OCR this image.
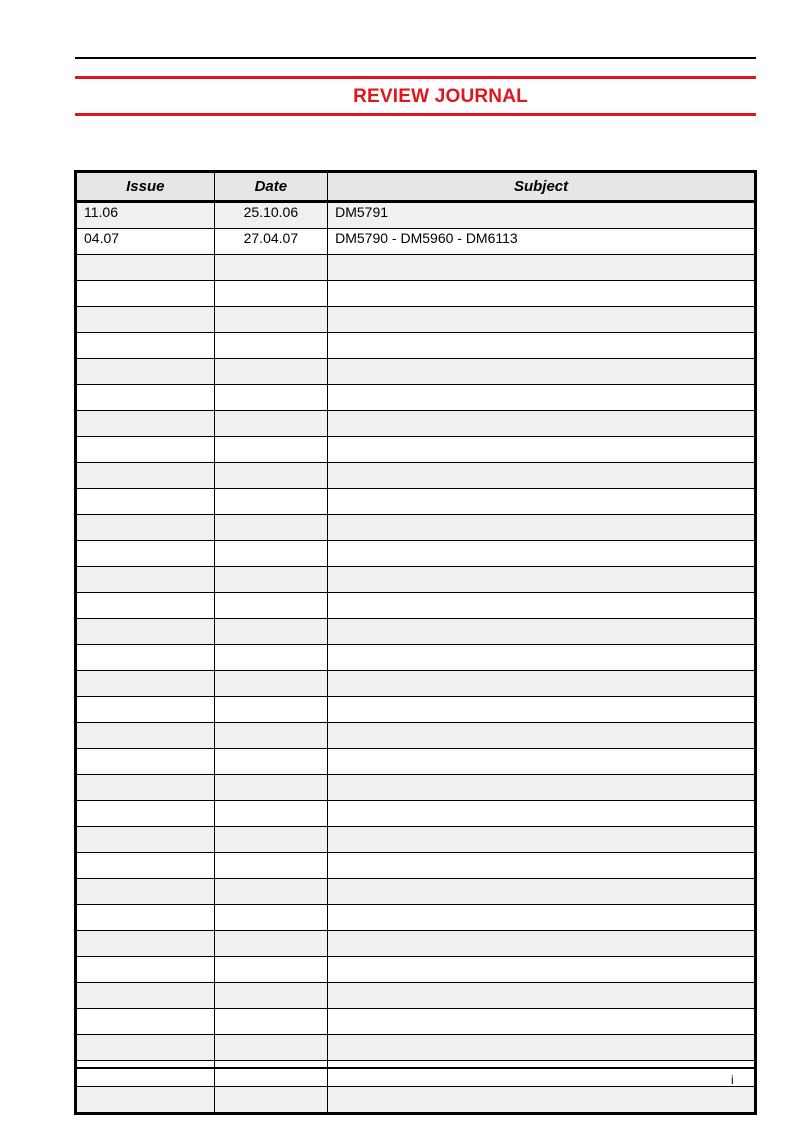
REVIEW JOURNAL
Issue	Date	Subject
11.06	25.10.06	DM5791
04.07	27.04.07	DM5790 - DM5960 - DM6113

i
